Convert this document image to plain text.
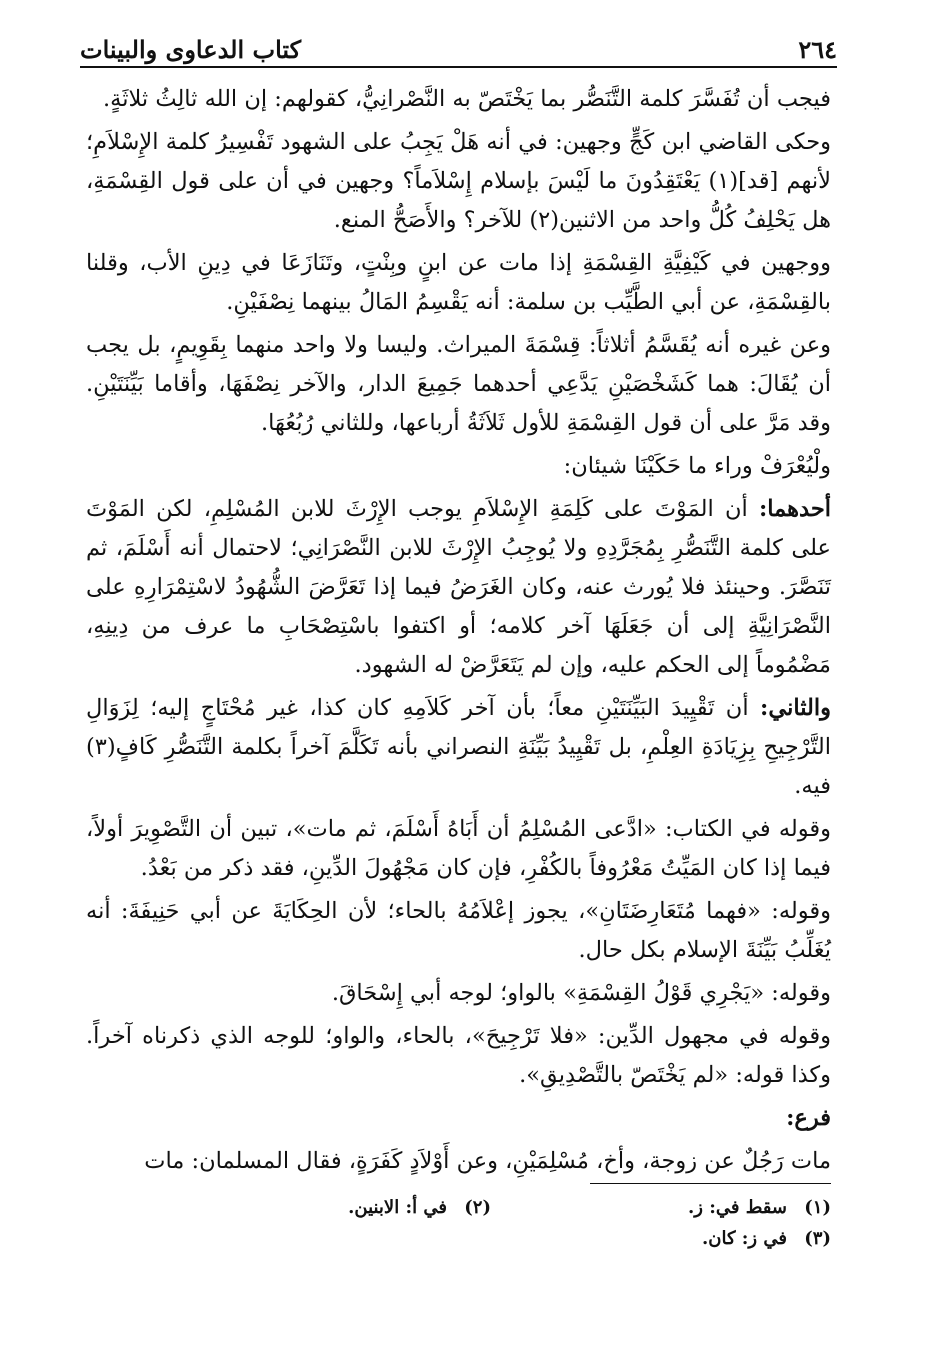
٢٦٤
كتاب الدعاوى والبينات

فيجب أن تُفَسَّرَ كلمة التَّنَصُّر بما يَخْتَصّ به النَّصْرانِيُّ، كقولهم: إن الله ثالِثُ ثلاثَةٍ.

وحكى القاضي ابن كَجٍّ وجهين: في أنه هَلْ يَجِبُ على الشهود تَفْسِيرُ كلمة الإِسْلاَمِ؛ لأنهم [قد](١) يَعْتَقِدُونَ ما لَيْسَ بإسلام إِسْلاَماً؟ وجهين في أن على قول القِسْمَةِ، هل يَحْلِفُ كُلُّ واحد من الاثنين(٢) للآخر؟ والأَصَحُّ المنع.

ووجهين في كَيْفِيَّةِ القِسْمَةِ إذا مات عن ابنٍ وبِنْتٍ، وتَنَازَعَا في دِينِ الأب، وقلنا بالقِسْمَةِ، عن أبي الطَّيِّب بن سلمة: أنه يَقْسِمُ المَالُ بينهما نِصْفَيْنِ.

وعن غيره أنه يُقَسَّمُ أثلاثاً: قِسْمَةَ الميراث. وليسا ولا واحد منهما بِقَوِيمٍ، بل يجب أن يُقَالَ: هما كَشَخْصَيْنِ يَدَّعِي أحدهما جَمِيعَ الدار، والآخر نِصْفَهَا، وأقاما بَيِّنَتَيْنِ. وقد مَرَّ على أن قول القِسْمَةِ للأول ثَلاَثَةُ أرباعها، وللثاني رُبُعُهَا.

ولْيُعْرَفْ وراء ما حَكَيْنَا شيئان:

أحدهما: أن المَوْتَ على كَلِمَةِ الإِسْلاَمِ يوجب الإِرْثَ للابن المُسْلِمِ، لكن المَوْتَ على كلمة التَّنَصُّرِ بِمُجَرَّدِهِ ولا يُوجِبُ الإِرْثَ للابن النَّصْرَانِي؛ لاحتمال أنه أَسْلَمَ، ثم تَنَصَّرَ. وحينئذ فلا يُورث عنه، وكان الغَرَضُ فيما إذا تَعَرَّضَ الشُّهُودُ لاسْتِمْرَارِهِ على النَّصْرَانِيَّةِ إلى أن جَعَلَهَا آخر كلامه؛ أو اكتفوا باسْتِصْحَابِ ما عرف من دِينِهِ، مَضْمُوماً إلى الحكم عليه، وإن لم يَتَعَرَّضْ له الشهود.

والثاني: أن تَقْيِيدَ البَيِّنَتَيْنِ معاً؛ بأن آخر كَلاَمِهِ كان كذا، غير مُحْتَاجٍ إليه؛ لِزَوَالِ التَّرْجِيحِ بِزِيَادَةِ العِلْمِ، بل تَقْيِيدُ بَيِّنَةِ النصراني بأنه تَكَلَّمَ آخراً بكلمة التَّنَصُّرِ كَافٍ(٣) فيه.

وقوله في الكتاب: «ادَّعى المُسْلِمُ أن أَبَاهُ أَسْلَمَ، ثم مات»، تبين أن التَّصْوِيرَ أولاً، فيما إذا كان المَيِّتُ مَعْرُوفاً بالكُفْرِ، فإن كان مَجْهُولَ الدِّينِ، فقد ذكر من بَعْدُ.

وقوله: «فهما مُتَعَارِضَتَانِ»، يجوز إعْلاَمُهُ بالحاء؛ لأن الحِكَايَةَ عن أبي حَنِيفَةَ: أنه يُغَلِّبُ بَيِّنَةَ الإسلام بكل حال.

وقوله: «يَجْرِي قَوْلُ القِسْمَةِ» بالواو؛ لوجه أبي إِسْحَاقَ.

وقوله في مجهول الدِّين: «فلا تَرْجِيحَ»، بالحاء، والواو؛ للوجه الذي ذكرناه آخراً. وكذا قوله: «لم يَخْتَصّ بالتَّصْدِيقِ».

فرع:

مات رَجُلٌ عن زوجة، وأخ، مُسْلِمَيْنِ، وعن أَوْلاَدٍ كَفَرَةٍ، فقال المسلمان: مات

(١)سقط في: ز.
(٢)في أ: الابنين.
(٣)في ز: كان.
